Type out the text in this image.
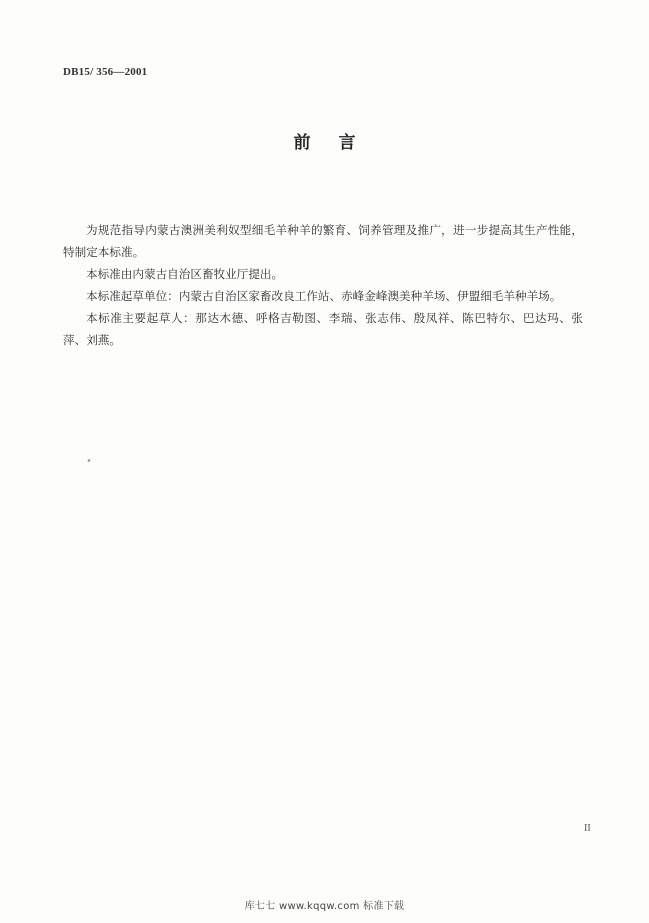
DB15/ 356—2001
前言

为规范指导内蒙古澳洲美利奴型细毛羊种羊的繁育、饲养管理及推广，进一步提高其生产性能，特制定本标准。

本标准由内蒙古自治区畜牧业厅提出。

本标准起草单位：内蒙古自治区家畜改良工作站、赤峰金峰澳美种羊场、伊盟细毛羊种羊场。

本标准主要起草人：那达木德、呼格吉勒图、李瑞、张志伟、殷凤祥、陈巴特尔、巴达玛、张萍、刘燕。

II
库七七 www.kqqw.com 标准下载
